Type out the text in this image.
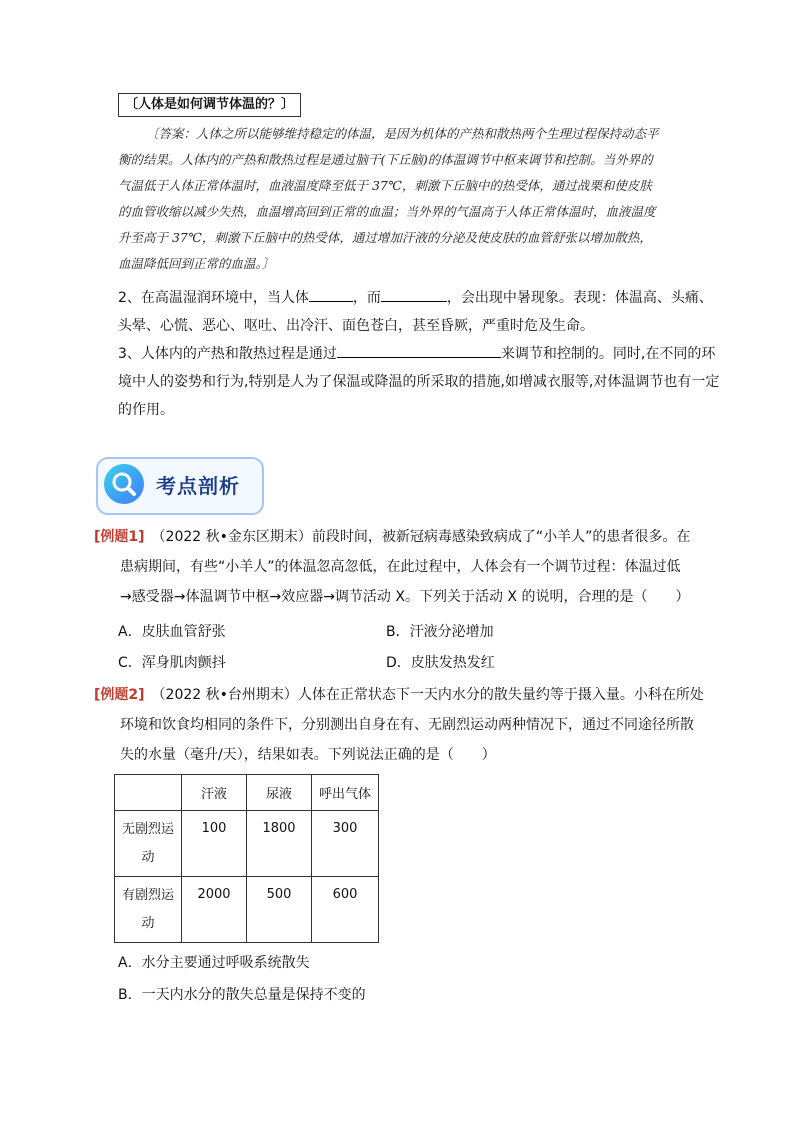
〔人体是如何调节体温的？〕

〔答案：人体之所以能够维持稳定的体温，是因为机体的产热和散热两个生理过程保持动态平

衡的结果。人体内的产热和散热过程是通过脑干(下丘脑)的体温调节中枢来调节和控制。当外界的

气温低于人体正常体温时，血液温度降至低于 37℃，刺激下丘脑中的热受体，通过战栗和使皮肤

的血管收缩以减少失热，血温增高回到正常的血温；当外界的气温高于人体正常体温时，血液温度

升至高于 37℃，刺激下丘脑中的热受体，通过增加汗液的分泌及使皮肤的血管舒张以增加散热，

血温降低回到正常的血温。〕

2、在高温湿润环境中，当人体	，而	，会出现中暑现象。表现：体温高、头痛、

头晕、心慌、恶心、呕吐、出冷汗、面色苍白，甚至昏厥，严重时危及生命。

3、人体内的产热和散热过程是通过	来调节和控制的。同时,在不同的环

境中人的姿势和行为,特别是人为了保温或降温的所采取的措施,如增减衣服等,对体温调节也有一定

的作用。

考点剖析

[例题1]　 （2022 秋•金东区期末）前段时间，被新冠病毒感染致病成了“小羊人”的患者很多。在

患病期间，有些“小羊人”的体温忽高忽低，在此过程中，人体会有一个调节过程：体温过低

→感受器→体温调节中枢→效应器→调节活动 X。下列关于活动 X 的说明，合理的是（　　）

A．皮肤血管舒张	B．汗液分泌增加
C．浑身肌肉颤抖	D．皮肤发热发红

[例题2]　 （2022 秋•台州期末）人体在正常状态下一天内水分的散失量约等于摄入量。小科在所处

环境和饮食均相同的条件下，分别测出自身在有、无剧烈运动两种情况下，通过不同途径所散

失的水量（毫升/天），结果如表。下列说法正确的是（　　）

	汗液	尿液	呼出气体
无剧烈运
动	100	1800	300
有剧烈运
动	2000	500	600
A．水分主要通过呼吸系统散失
B．一天内水分的散失总量是保持不变的
